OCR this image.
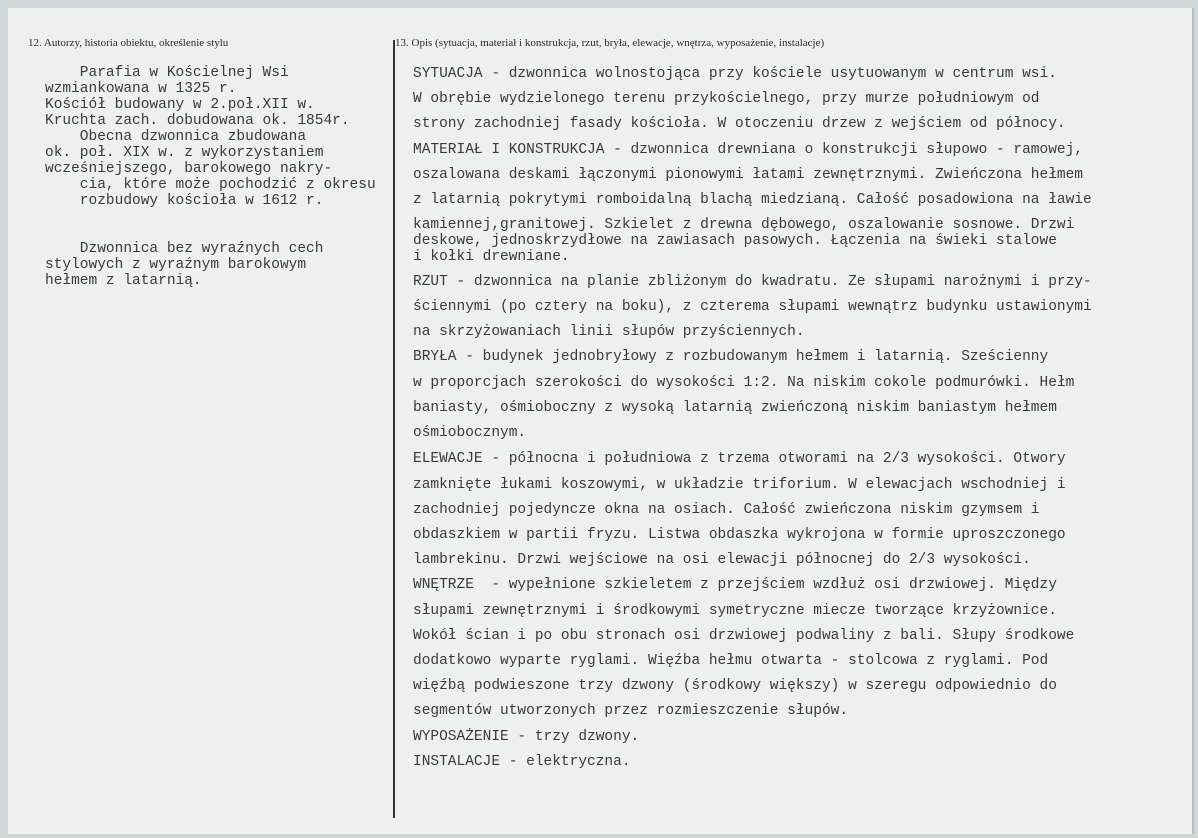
12. Autorzy, historia obiektu, określenie stylu	13. Opis (sytuacja, materiał i konstrukcja, rzut, bryła, elewacje, wnętrza, wyposażenie, instalacje)
Parafia w Kościelnej Wsi
wzmiankowana w 1325 r.
Kościół budowany w 2.poł.XII w.
Kruchta zach. dobudowana ok. 1854r.
Obecna dzwonnica zbudowana
ok. poł. XIX w. z wykorzystaniem
wcześniejszego, barokowego nakry-
cia, które może pochodzić z okresu
rozbudowy kościoła w 1612 r.
Dzwonnica bez wyraźnych cech
stylowych z wyraźnym barokowym
hełmem z latarnią.
SYTUACJA - dzwonnica wolnostojąca przy kościele usytuowanym w centrum wsi.
W obrębie wydzielonego terenu przykościelnego, przy murze południowym od
strony zachodniej fasady kościoła. W otoczeniu drzew z wejściem od północy.
MATERIAŁ I KONSTRUKCJA - dzwonnica drewniana o konstrukcji słupowo - ramowej,
oszalowana deskami łączonymi pionowymi łatami zewnętrznymi. Zwieńczona hełmem
z latarnią pokrytymi romboidalną blachą miedzianą. Całość posadowiona na ławie
kamiennej,granitowej. Szkielet z drewna dębowego, oszalowanie sosnowe. Drzwi
deskowe, jednoskrzydłowe na zawiasach pasowych. Łączenia na świeki stalowe
i kołki drewniane.
RZUT - dzwonnica na planie zbliżonym do kwadratu. Ze słupami narożnymi i przy-
ściennymi (po cztery na boku), z czterema słupami wewnątrz budynku ustawionymi
na skrzyżowaniach linii słupów przyściennych.
BRYŁA - budynek jednobryłowy z rozbudowanym hełmem i latarnią. Sześcienny
w proporcjach szerokości do wysokości 1:2. Na niskim cokole podmurówki. Hełm
baniasty, ośmioboczny z wysoką latarnią zwieńczoną niskim baniastym hełmem
ośmiobocznym.
ELEWACJE - północna i południowa z trzema otworami na 2/3 wysokości. Otwory
zamknięte łukami koszowymi, w układzie triforium. W elewacjach wschodniej i
zachodniej pojedyncze okna na osiach. Całość zwieńczona niskim gzymsem i
obdaszkiem w partii fryzu. Listwa obdaszka wykrojona w formie uproszczonego
lambrekinu. Drzwi wejściowe na osi elewacji północnej do 2/3 wysokości.
WNĘTRZE  - wypełnione szkieletem z przejściem wzdłuż osi drzwiowej. Między
słupami zewnętrznymi i środkowymi symetryczne miecze tworzące krzyżownice.
Wokół ścian i po obu stronach osi drzwiowej podwaliny z bali. Słupy środkowe
dodatkowo wyparte ryglami. Więźba hełmu otwarta - stolcowa z ryglami. Pod
więźbą podwieszone trzy dzwony (środkowy większy) w szeregu odpowiednio do
segmentów utworzonych przez rozmieszczenie słupów.
WYPOSAŻENIE - trzy dzwony.
INSTALACJE - elektryczna.
